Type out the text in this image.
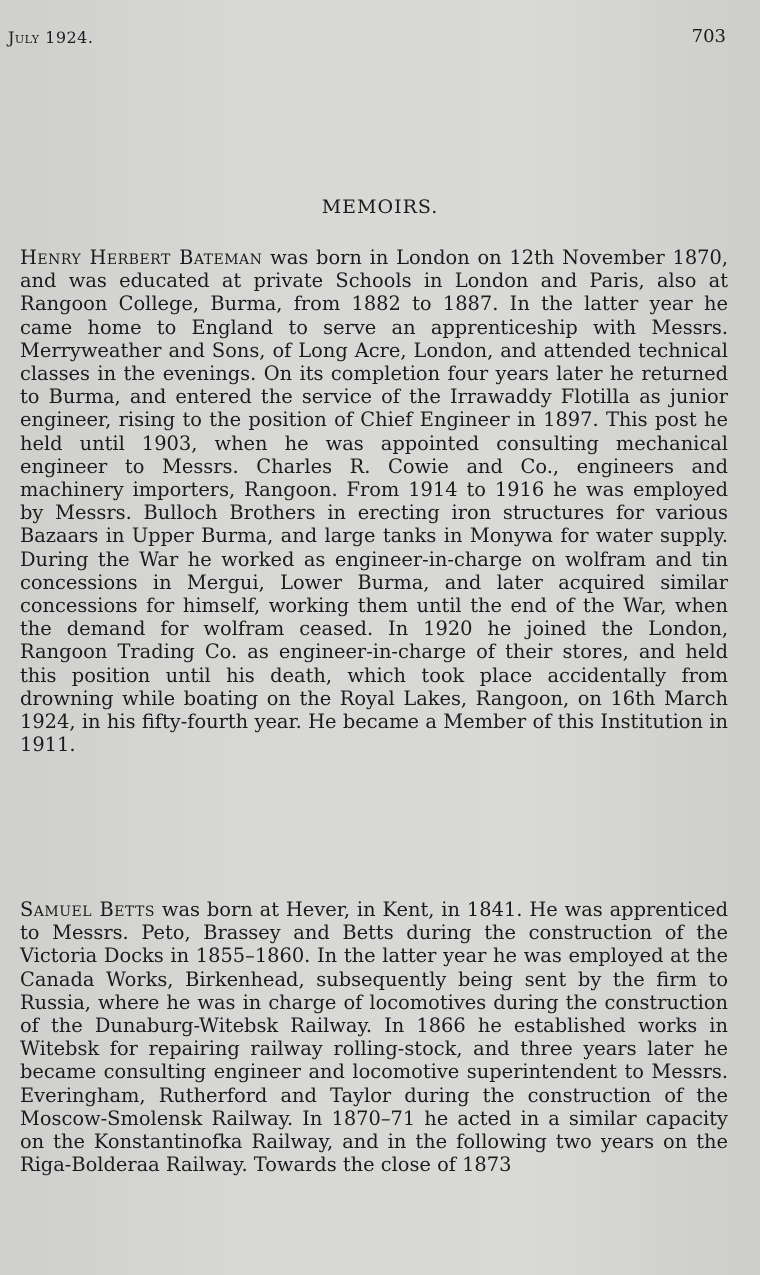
July 1924.	703
MEMOIRS.

Henry Herbert Bateman was born in London on 12th November 1870, and was educated at private Schools in London and Paris, also at Rangoon College, Burma, from 1882 to 1887. In the latter year he came home to England to serve an apprenticeship with Messrs. Merryweather and Sons, of Long Acre, London, and attended technical classes in the evenings. On its completion four years later he returned to Burma, and entered the service of the Irrawaddy Flotilla as junior engineer, rising to the position of Chief Engineer in 1897. This post he held until 1903, when he was appointed consulting mechanical engineer to Messrs. Charles R. Cowie and Co., engineers and machinery importers, Rangoon. From 1914 to 1916 he was employed by Messrs. Bulloch Brothers in erecting iron structures for various Bazaars in Upper Burma, and large tanks in Monywa for water supply. During the War he worked as engineer-in-charge on wolfram and tin concessions in Mergui, Lower Burma, and later acquired similar concessions for himself, working them until the end of the War, when the demand for wolfram ceased. In 1920 he joined the London, Rangoon Trading Co. as engineer-in-charge of their stores, and held this position until his death, which took place accidentally from drowning while boating on the Royal Lakes, Rangoon, on 16th March 1924, in his fifty-fourth year. He became a Member of this Institution in 1911.

Samuel Betts was born at Hever, in Kent, in 1841. He was apprenticed to Messrs. Peto, Brassey and Betts during the construction of the Victoria Docks in 1855–1860. In the latter year he was employed at the Canada Works, Birkenhead, subsequently being sent by the firm to Russia, where he was in charge of locomotives during the construction of the Dunaburg-Witebsk Railway. In 1866 he established works in Witebsk for repairing railway rolling-stock, and three years later he became consulting engineer and locomotive superintendent to Messrs. Everingham, Rutherford and Taylor during the construction of the Moscow-Smolensk Railway. In 1870–71 he acted in a similar capacity on the Konstantinofka Railway, and in the following two years on the Riga-Bolderaa Railway. Towards the close of 1873
